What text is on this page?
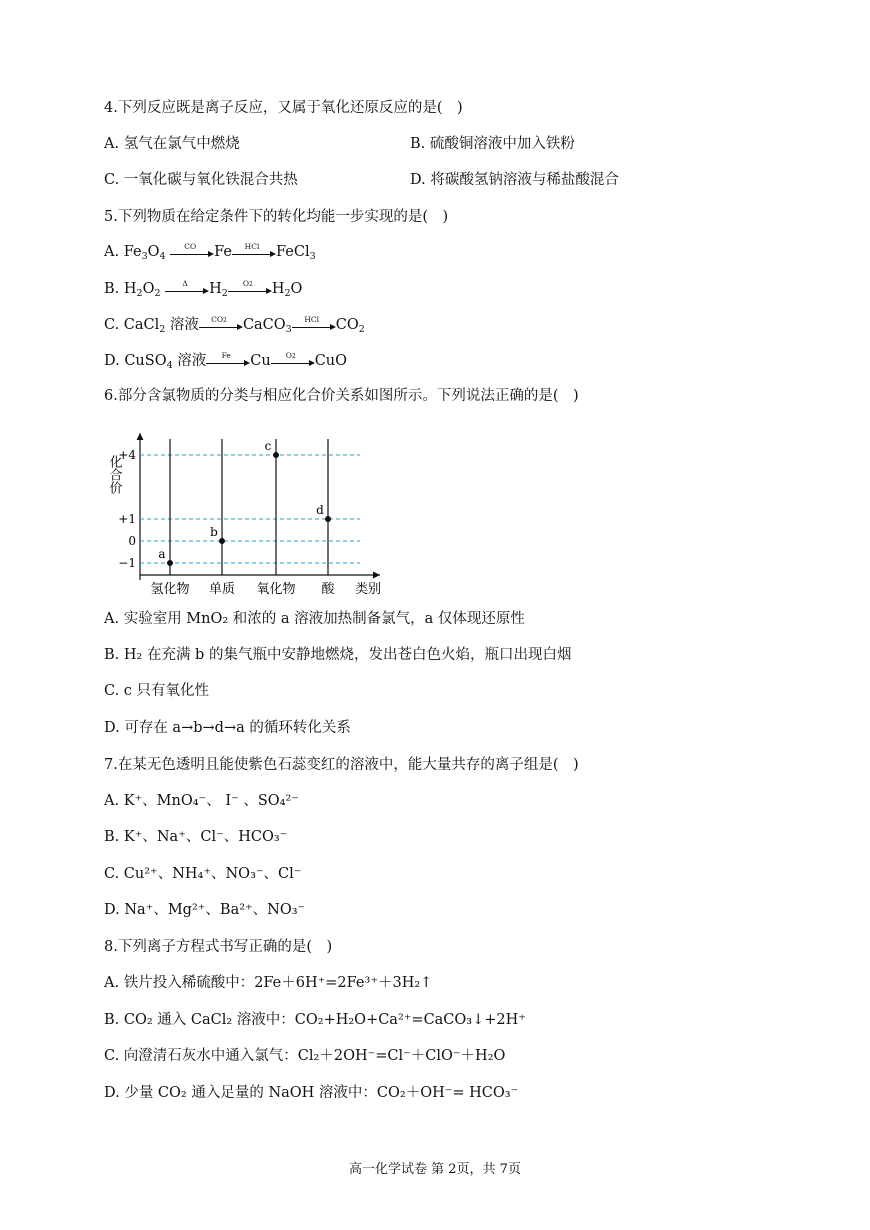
4.下列反应既是离子反应，又属于氧化还原反应的是(　)
A. 氢气在氯气中燃烧	B. 硫酸铜溶液中加入铁粉
C. 一氧化碳与氧化铁混合共热	D. 将碳酸氢钠溶液与稀盐酸混合
5.下列物质在给定条件下的转化均能一步实现的是(　)
A. $Fe_3O_4$
CO	Fe	HCl	FeCl$_3$
B. $H_2O_2$
Δ	$H_2$
O2	$H_2O$
C. CaCl$_2$ 溶液	CO2	CaCO$_3$
HCl	$CO_2$
D. CuSO$_4$ 溶液	Fe	Cu	O2	CuO
6.部分含氯物质的分类与相应化合价关系如图所示。下列说法正确的是(　)
化合价
类别
+4
+1
0
−1
氢化物 单质 氧化物 酸
a
b
c
d
A. 实验室用 MnO₂ 和浓的 a 溶液加热制备氯气，a 仅体现还原性
B. H₂ 在充满 b 的集气瓶中安静地燃烧，发出苍白色火焰，瓶口出现白烟
C. c 只有氧化性
D. 可存在 a→b→d→a 的循环转化关系
7.在某无色透明且能使紫色石蕊变红的溶液中，能大量共存的离子组是(　)
A. K⁺、MnO₄⁻、 I⁻ 、SO₄²⁻
B. K⁺、Na⁺、Cl⁻、HCO₃⁻
C. Cu²⁺、NH₄⁺、NO₃⁻、Cl⁻
D. Na⁺、Mg²⁺、Ba²⁺、NO₃⁻
8.下列离子方程式书写正确的是(　)
A. 铁片投入稀硫酸中：2Fe＋6H⁺=2Fe³⁺＋3H₂↑
B. CO₂ 通入 CaCl₂ 溶液中：CO₂+H₂O+Ca²⁺=CaCO₃↓+2H⁺
C. 向澄清石灰水中通入氯气：Cl₂＋2OH⁻=Cl⁻＋ClO⁻＋H₂O
D. 少量 CO₂ 通入足量的 NaOH 溶液中：CO₂＋OH⁻= HCO₃⁻
高一化学试卷 第 2页，共 7页
